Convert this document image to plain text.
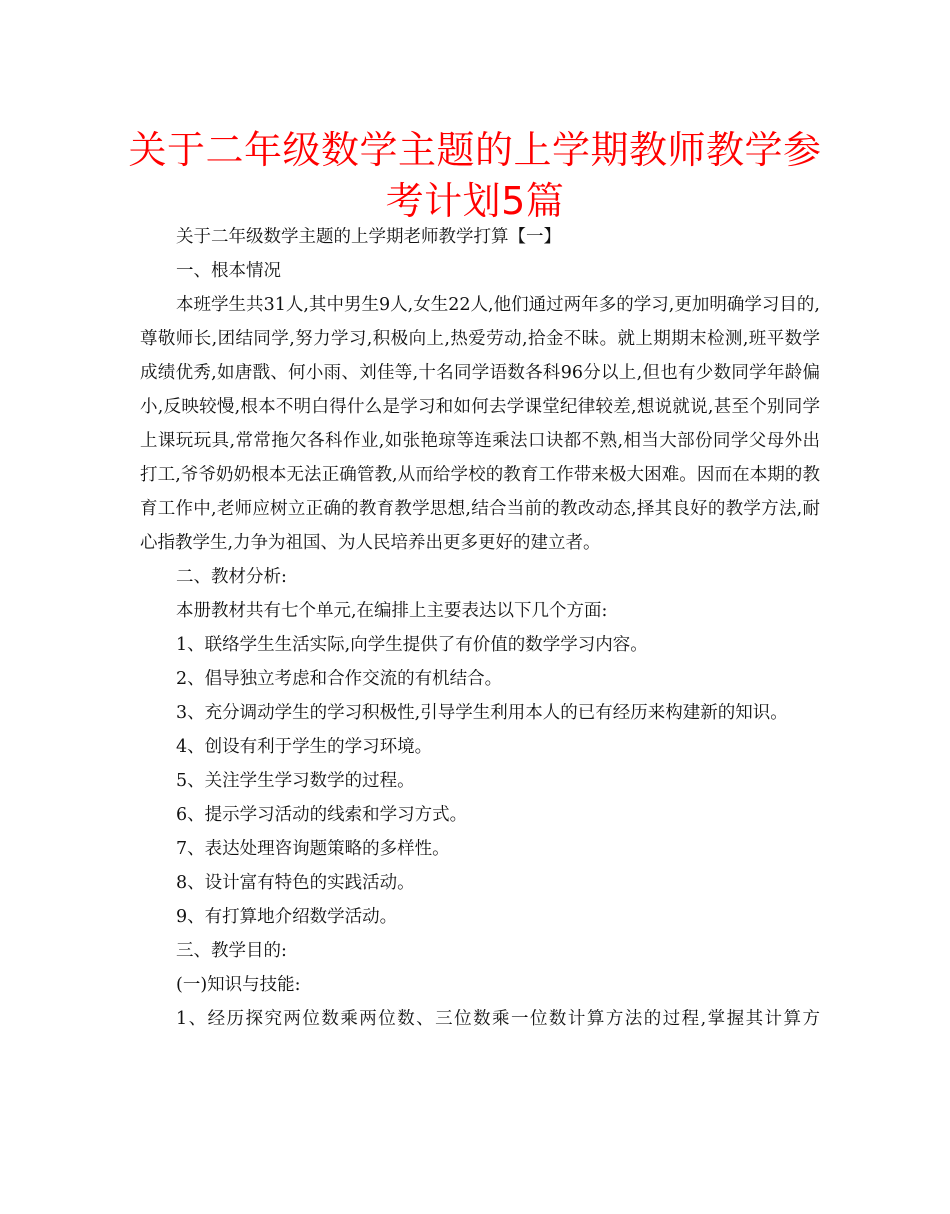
关于二年级数学主题的上学期教师教学参考计划5篇

关于二年级数学主题的上学期老师教学打算【一】

一、根本情况

本班学生共31人,其中男生9人,女生22人,他们通过两年多的学习,更加明确学习目的,尊敬师长,团结同学,努力学习,积极向上,热爱劳动,拾金不昧。就上期期末检测,班平数学成绩优秀,如唐戬、何小雨、刘佳等,十名同学语数各科96分以上,但也有少数同学年龄偏小,反映较慢,根本不明白得什么是学习和如何去学课堂纪律较差,想说就说,甚至个别同学上课玩玩具,常常拖欠各科作业,如张艳琼等连乘法口诀都不熟,相当大部份同学父母外出打工,爷爷奶奶根本无法正确管教,从而给学校的教育工作带来极大困难。因而在本期的教育工作中,老师应树立正确的教育教学思想,结合当前的教改动态,择其良好的教学方法,耐心指教学生,力争为祖国、为人民培养出更多更好的建立者。

二、教材分析:

本册教材共有七个单元,在编排上主要表达以下几个方面:

1、联络学生生活实际,向学生提供了有价值的数学学习内容。

2、倡导独立考虑和合作交流的有机结合。

3、充分调动学生的学习积极性,引导学生利用本人的已有经历来构建新的知识。

4、创设有利于学生的学习环境。

5、关注学生学习数学的过程。

6、提示学习活动的线索和学习方式。

7、表达处理咨询题策略的多样性。

8、设计富有特色的实践活动。

9、有打算地介绍数学活动。

三、教学目的:

(一)知识与技能:

1、经历探究两位数乘两位数、三位数乘一位数计算方法的过程,掌握其计算方
